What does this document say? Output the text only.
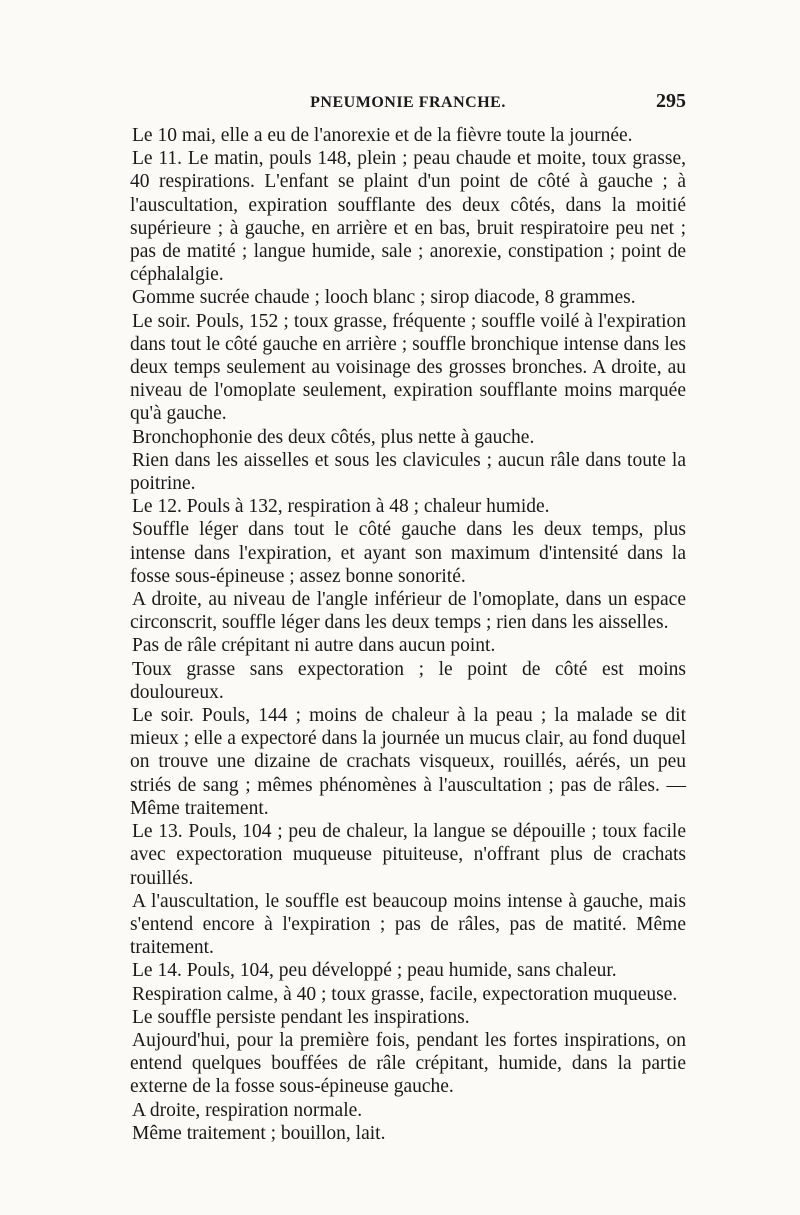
PNEUMONIE FRANCHE.	295

Le 10 mai, elle a eu de l'anorexie et de la fièvre toute la journée.

Le 11. Le matin, pouls 148, plein ; peau chaude et moite, toux grasse, 40 respirations. L'enfant se plaint d'un point de côté à gauche ; à l'auscultation, expiration soufflante des deux côtés, dans la moitié supérieure ; à gauche, en arrière et en bas, bruit respiratoire peu net ; pas de matité ; langue humide, sale ; anorexie, constipation ; point de céphalalgie.

Gomme sucrée chaude ; looch blanc ; sirop diacode, 8 grammes.

Le soir. Pouls, 152 ; toux grasse, fréquente ; souffle voilé à l'expiration dans tout le côté gauche en arrière ; souffle bronchique intense dans les deux temps seulement au voisinage des grosses bronches. A droite, au niveau de l'omoplate seulement, expiration soufflante moins marquée qu'à gauche.

Bronchophonie des deux côtés, plus nette à gauche.

Rien dans les aisselles et sous les clavicules ; aucun râle dans toute la poitrine.

Le 12. Pouls à 132, respiration à 48 ; chaleur humide.

Souffle léger dans tout le côté gauche dans les deux temps, plus intense dans l'expiration, et ayant son maximum d'intensité dans la fosse sous-épineuse ; assez bonne sonorité.

A droite, au niveau de l'angle inférieur de l'omoplate, dans un espace circonscrit, souffle léger dans les deux temps ; rien dans les aisselles.

Pas de râle crépitant ni autre dans aucun point.

Toux grasse sans expectoration ; le point de côté est moins douloureux.

Le soir. Pouls, 144 ; moins de chaleur à la peau ; la malade se dit mieux ; elle a expectoré dans la journée un mucus clair, au fond duquel on trouve une dizaine de crachats visqueux, rouillés, aérés, un peu striés de sang ; mêmes phénomènes à l'auscultation ; pas de râles. —Même traitement.

Le 13. Pouls, 104 ; peu de chaleur, la langue se dépouille ; toux facile avec expectoration muqueuse pituiteuse, n'offrant plus de crachats rouillés.

A l'auscultation, le souffle est beaucoup moins intense à gauche, mais s'entend encore à l'expiration ; pas de râles, pas de matité. Même traitement.

Le 14. Pouls, 104, peu développé ; peau humide, sans chaleur.

Respiration calme, à 40 ; toux grasse, facile, expectoration muqueuse.

Le souffle persiste pendant les inspirations.

Aujourd'hui, pour la première fois, pendant les fortes inspirations, on entend quelques bouffées de râle crépitant, humide, dans la partie externe de la fosse sous-épineuse gauche.

A droite, respiration normale.

Même traitement ; bouillon, lait.
